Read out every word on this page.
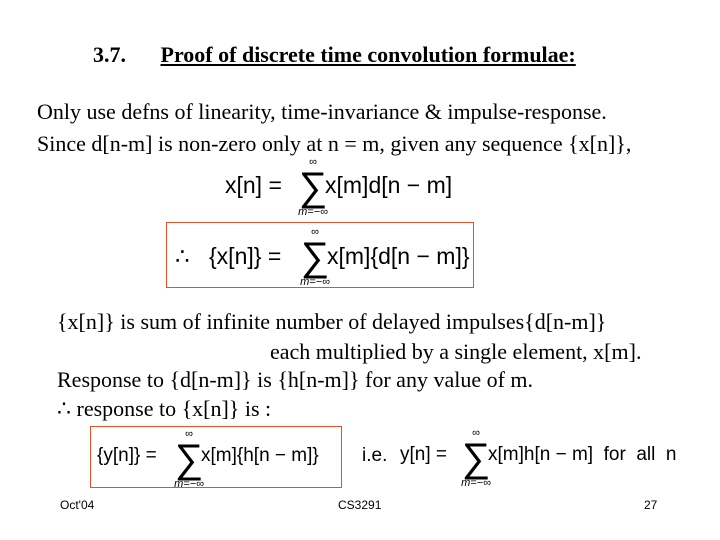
3.7. Proof of discrete time convolution formulae:
Only use defns of linearity, time-invariance & impulse-response.
Since d[n-m] is non-zero only at n = m, given any sequence {x[n]},
x[n] =
∞
∑
m=−∞
x[m]d[n − m]
∴ {x[n]} =
∞
∑
m=−∞
x[m]{d[n − m]}
{x[n]} is sum of infinite number of delayed impulses{d[n-m]}
each multiplied by a single element, x[m].
Response to {d[n-m]} is {h[n-m]} for any value of m.
∴ response to {x[n]} is :
{y[n]} =
∞
∑
m=−∞
x[m]{h[n − m]} i.e. y[n] =
∞
∑
m=−∞
x[m]h[n − m]  for  all  n
Oct'04	CS3291	27
